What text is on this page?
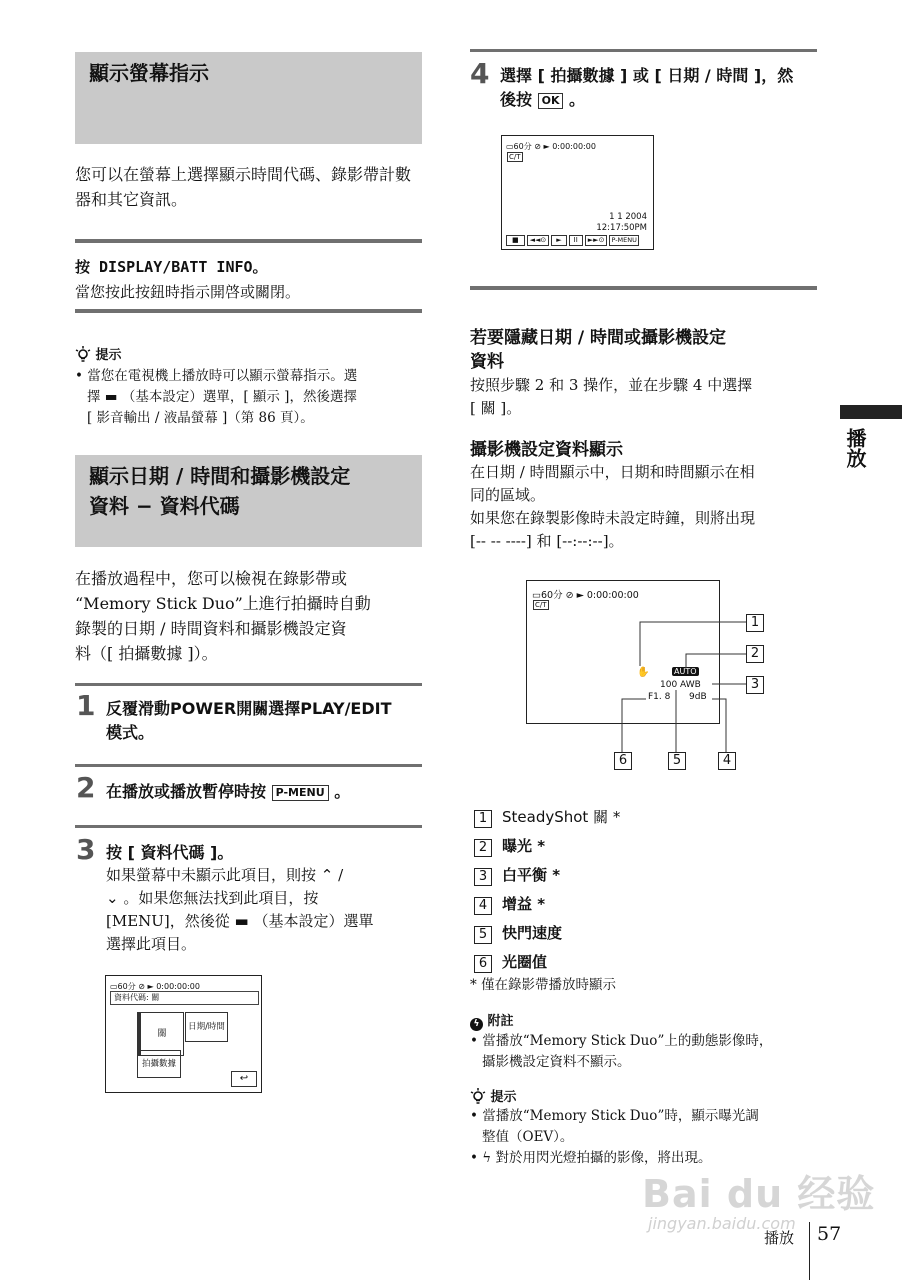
顯示螢幕指示
您可以在螢幕上選擇顯示時間代碼、錄影帶計數器和其它資訊。
按 DISPLAY/BATT INFO。
當您按此按鈕時指示開啓或關閉。
提示
• 當您在電視機上播放時可以顯示螢幕指示。選
擇 ▬ （基本設定）選單，[ 顯示 ]，然後選擇
[ 影音輸出 / 液晶螢幕 ]（第 86 頁）。
顯示日期 / 時間和攝影機設定
資料 − 資料代碼
在播放過程中，您可以檢視在錄影帶或
“Memory Stick Duo”上進行拍攝時自動
錄製的日期 / 時間資料和攝影機設定資
料（[ 拍攝數據 ]）。
1 反覆滑動POWER開關選擇PLAY/EDIT
模式。
2 在播放或播放暫停時按 P-MENU 。
3 按 [ 資料代碼 ]。
如果螢幕中未顯示此項目，則按 ⌃ /
⌄ 。如果您無法找到此項目，按
[MENU]，然後從 ▬ （基本設定）選單
選擇此項目。
▭60分 ⊘ ► 0:00:00:00
資料代碼: 關
關
日期/時間
拍攝數據
↩
4 選擇 [ 拍攝數據 ] 或 [ 日期 / 時間 ]，然
後按 OK 。
▭60分 ⊘ ► 0:00:00:00
C/T
1 1 2004
12:17:50PM
■	◄◄⊙	►	II	►►⊙	P-MENU
若要隱藏日期 / 時間或攝影機設定
資料
按照步驟 2 和 3 操作，並在步驟 4 中選擇
[ 關 ]。
攝影機設定資料顯示
在日期 / 時間顯示中，日期和時間顯示在相
同的區域。
如果您在錄製影像時未設定時鐘，則將出現
[-- -- ----] 和 [--:--:--]。
▭60分 ⊘ ► 0:00:00:00
C/T
✋	AUTO
100 AWB
F1. 8 9dB
1
2
3
4
5
6
1 SteadyShot 關 *
2 曝光 *
3 白平衡 *
4 增益 *
5 快門速度
6 光圈值
* 僅在錄影帶播放時顯示
ϟ 附註
• 當播放“Memory Stick Duo”上的動態影像時，
攝影機設定資料不顯示。
提示
• 當播放“Memory Stick Duo”時，顯示曝光調
整值（OEV）。
• ϟ 對於用閃光燈拍攝的影像，將出現。
播放
Bai du 经验
jingyan.baidu.com
播放 57
